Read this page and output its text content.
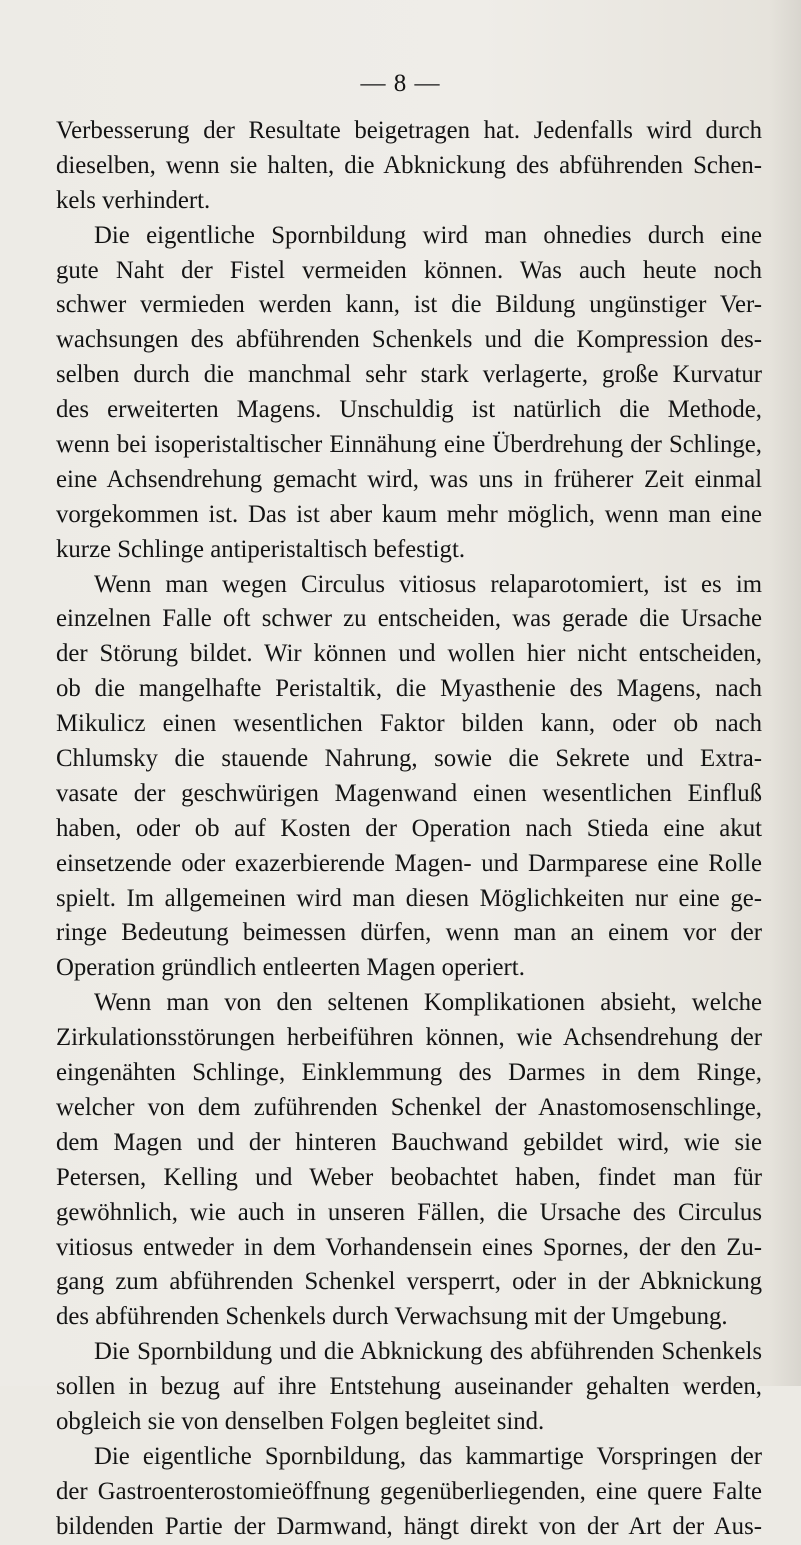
— 8 —
Verbesserung der Resultate beigetragen hat. Jedenfalls wird durch
dieselben, wenn sie halten, die Abknickung des abführenden Schen-
kels verhindert.
Die eigentliche Spornbildung wird man ohnedies durch eine
gute Naht der Fistel vermeiden können. Was auch heute noch
schwer vermieden werden kann, ist die Bildung ungünstiger Ver-
wachsungen des abführenden Schenkels und die Kompression des-
selben durch die manchmal sehr stark verlagerte, große Kurvatur
des erweiterten Magens. Unschuldig ist natürlich die Methode,
wenn bei isoperistaltischer Einnähung eine Überdrehung der Schlinge,
eine Achsendrehung gemacht wird, was uns in früherer Zeit einmal
vorgekommen ist. Das ist aber kaum mehr möglich, wenn man eine
kurze Schlinge antiperistaltisch befestigt.
Wenn man wegen Circulus vitiosus relaparotomiert, ist es im
einzelnen Falle oft schwer zu entscheiden, was gerade die Ursache
der Störung bildet. Wir können und wollen hier nicht entscheiden,
ob die mangelhafte Peristaltik, die Myasthenie des Magens, nach
Mikulicz einen wesentlichen Faktor bilden kann, oder ob nach
Chlumsky die stauende Nahrung, sowie die Sekrete und Extra-
vasate der geschwürigen Magenwand einen wesentlichen Einfluß
haben, oder ob auf Kosten der Operation nach Stieda eine akut
einsetzende oder exazerbierende Magen- und Darmparese eine Rolle
spielt. Im allgemeinen wird man diesen Möglichkeiten nur eine ge-
ringe Bedeutung beimessen dürfen, wenn man an einem vor der
Operation gründlich entleerten Magen operiert.
Wenn man von den seltenen Komplikationen absieht, welche
Zirkulationsstörungen herbeiführen können, wie Achsendrehung der
eingenähten Schlinge, Einklemmung des Darmes in dem Ringe,
welcher von dem zuführenden Schenkel der Anastomosenschlinge,
dem Magen und der hinteren Bauchwand gebildet wird, wie sie
Petersen, Kelling und Weber beobachtet haben, findet man für
gewöhnlich, wie auch in unseren Fällen, die Ursache des Circulus
vitiosus entweder in dem Vorhandensein eines Spornes, der den Zu-
gang zum abführenden Schenkel versperrt, oder in der Abknickung
des abführenden Schenkels durch Verwachsung mit der Umgebung.
Die Spornbildung und die Abknickung des abführenden Schenkels
sollen in bezug auf ihre Entstehung auseinander gehalten werden,
obgleich sie von denselben Folgen begleitet sind.
Die eigentliche Spornbildung, das kammartige Vorspringen der
der Gastroenterostomieöffnung gegenüberliegenden, eine quere Falte
bildenden Partie der Darmwand, hängt direkt von der Art der Aus-
